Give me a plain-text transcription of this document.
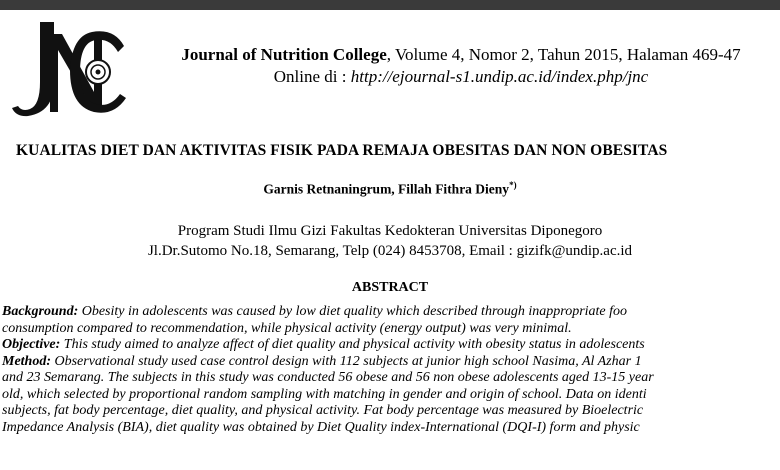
Journal of Nutrition College, Volume 4, Nomor 2, Tahun 2015, Halaman 469-47
Online di : http://ejournal-s1.undip.ac.id/index.php/jnc
KUALITAS DIET DAN AKTIVITAS FISIK PADA REMAJA OBESITAS DAN NON OBESITAS
Garnis Retnaningrum, Fillah Fithra Dieny*)
Program Studi Ilmu Gizi Fakultas Kedokteran Universitas Diponegoro
Jl.Dr.Sutomo No.18, Semarang, Telp (024) 8453708, Email : gizifk@undip.ac.id
ABSTRACT
Background: Obesity in adolescents was caused by low diet quality which described through inappropriate foo
consumption compared to recommendation, while physical activity (energy output) was very minimal.
Objective: This study aimed to analyze affect of diet quality and physical activity with obesity status in adolescents
Method: Observational study used case control design with 112 subjects at junior high school Nasima, Al Azhar 1
and 23 Semarang. The subjects in this study was conducted 56 obese and 56 non obese adolescents aged 13-15 year
old, which selected by proportional random sampling with matching in gender and origin of school. Data on identi
subjects, fat body percentage, diet quality, and physical activity. Fat body percentage was measured by Bioelectric
Impedance Analysis (BIA), diet quality was obtained by Diet Quality index-International (DQI-I) form and physic
